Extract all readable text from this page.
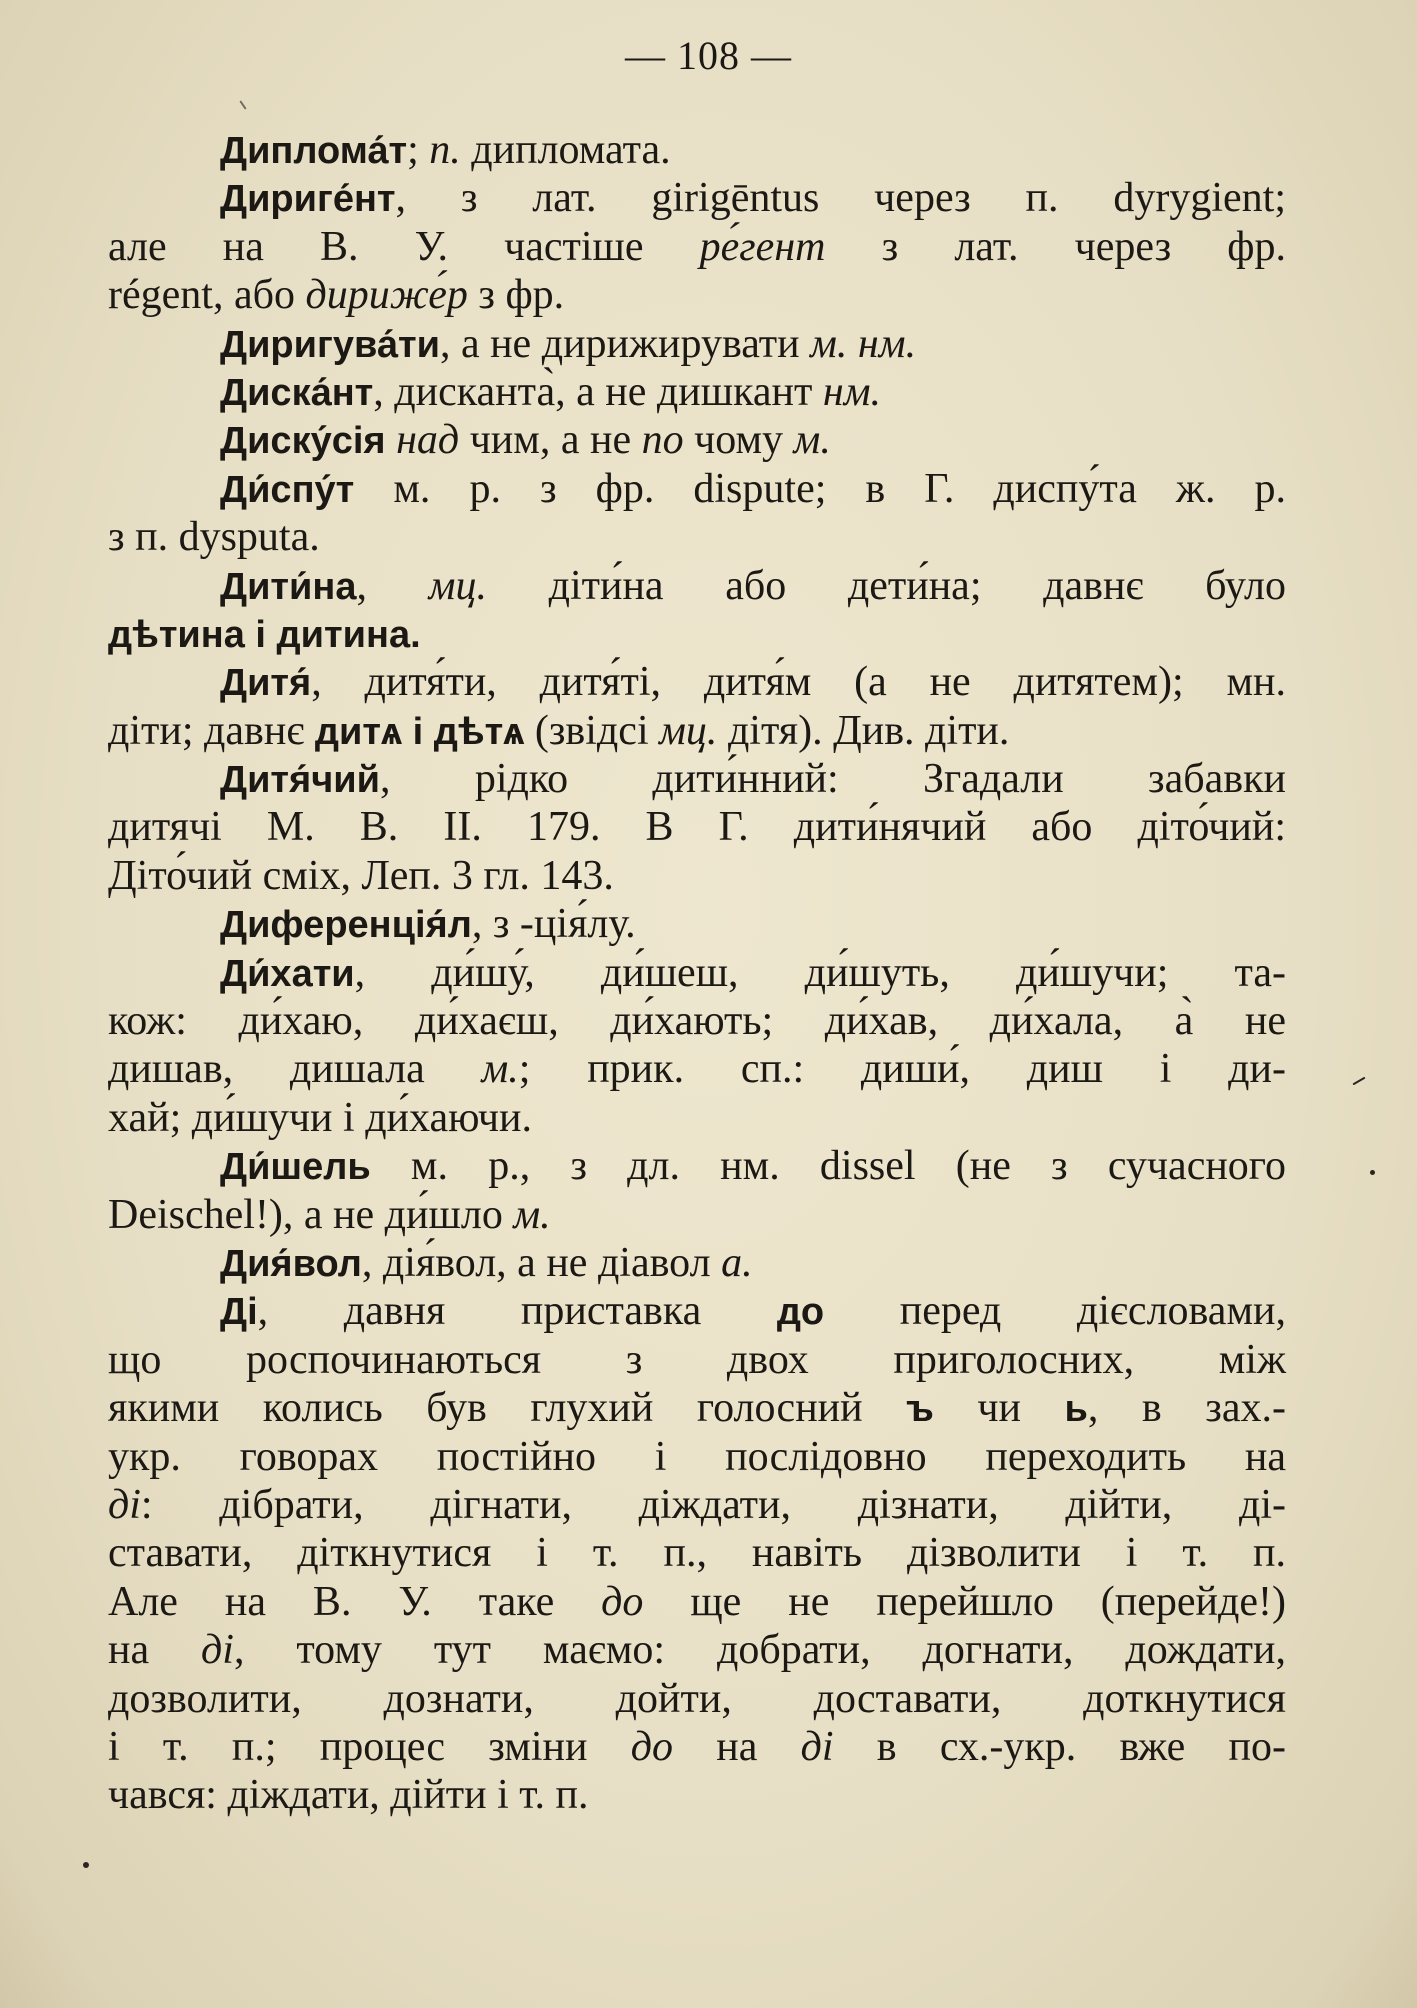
— 108 —
Диплома́т; п. дипломата.
Дириге́нт, з лат. girigēntus через п. dyrygient;
але на В. У. частіше ре́гент з лат. через фр.
régent, або дириже́р з фр.
Диригува́ти, а не дирижирувати м. нм.
Диска́нт, дисканта̀, а не дишкант нм.
Диску́сія над чим, а не по чому м.
Ди́спу́т м. р. з фр. dispute; в Г. диспу́та ж. р.
з п. dysputa.
Дити́на, мц. діти́на або дети́на; давнє було
дѣтина і дитина.
Дитя́, дитя́ти, дитя́ті, дитя́м (а не дитятем); мн.
діти; давнє дитѧ і дѣтѧ (звідсі мц. дітя). Див. діти.
Дитя́чий, рідко дити́нний: Згадали забавки
дитячі М. В. II. 179. В Г. дити́нячий або діто́чий:
Діто́чий сміх, Леп. 3 гл. 143.
Диференція́л, з -ція́лу.
Ди́хати, ди́шу́, ди́шеш, ди́шуть, ди́шучи; та-
кож: ди́хаю, ди́хаєш, ди́хають; ди́хав, ди́хала, а̀ не
дишав, дишала м.; прик. сп.: диши́, диш і ди-
хай; ди́шучи і ди́хаючи.
Ди́шель м. р., з дл. нм. dissel (не з сучасного
Deischel!), а не ди́шло м.
Дия́вол, дія́вол, а не діавол а.
Ді, давня приставка до перед дієсловами,
що роспочинаються з двох приголосних, між
якими колись був глухий голосний ъ чи ь, в зах.-
укр. говорах постійно і послідовно переходить на
ді: дібрати, дігнати, діждати, дізнати, дійти, ді-
ставати, діткнутися і т. п., навіть дізволити і т. п.
Але на В. У. таке до ще не перейшло (перейде!)
на ді, тому тут маємо: добрати, догнати, дождати,
дозволити, дознати, дойти, доставати, доткнутися
і т. п.; процес зміни до на ді в сх.-укр. вже по-
чався: діждати, дійти і т. п.
